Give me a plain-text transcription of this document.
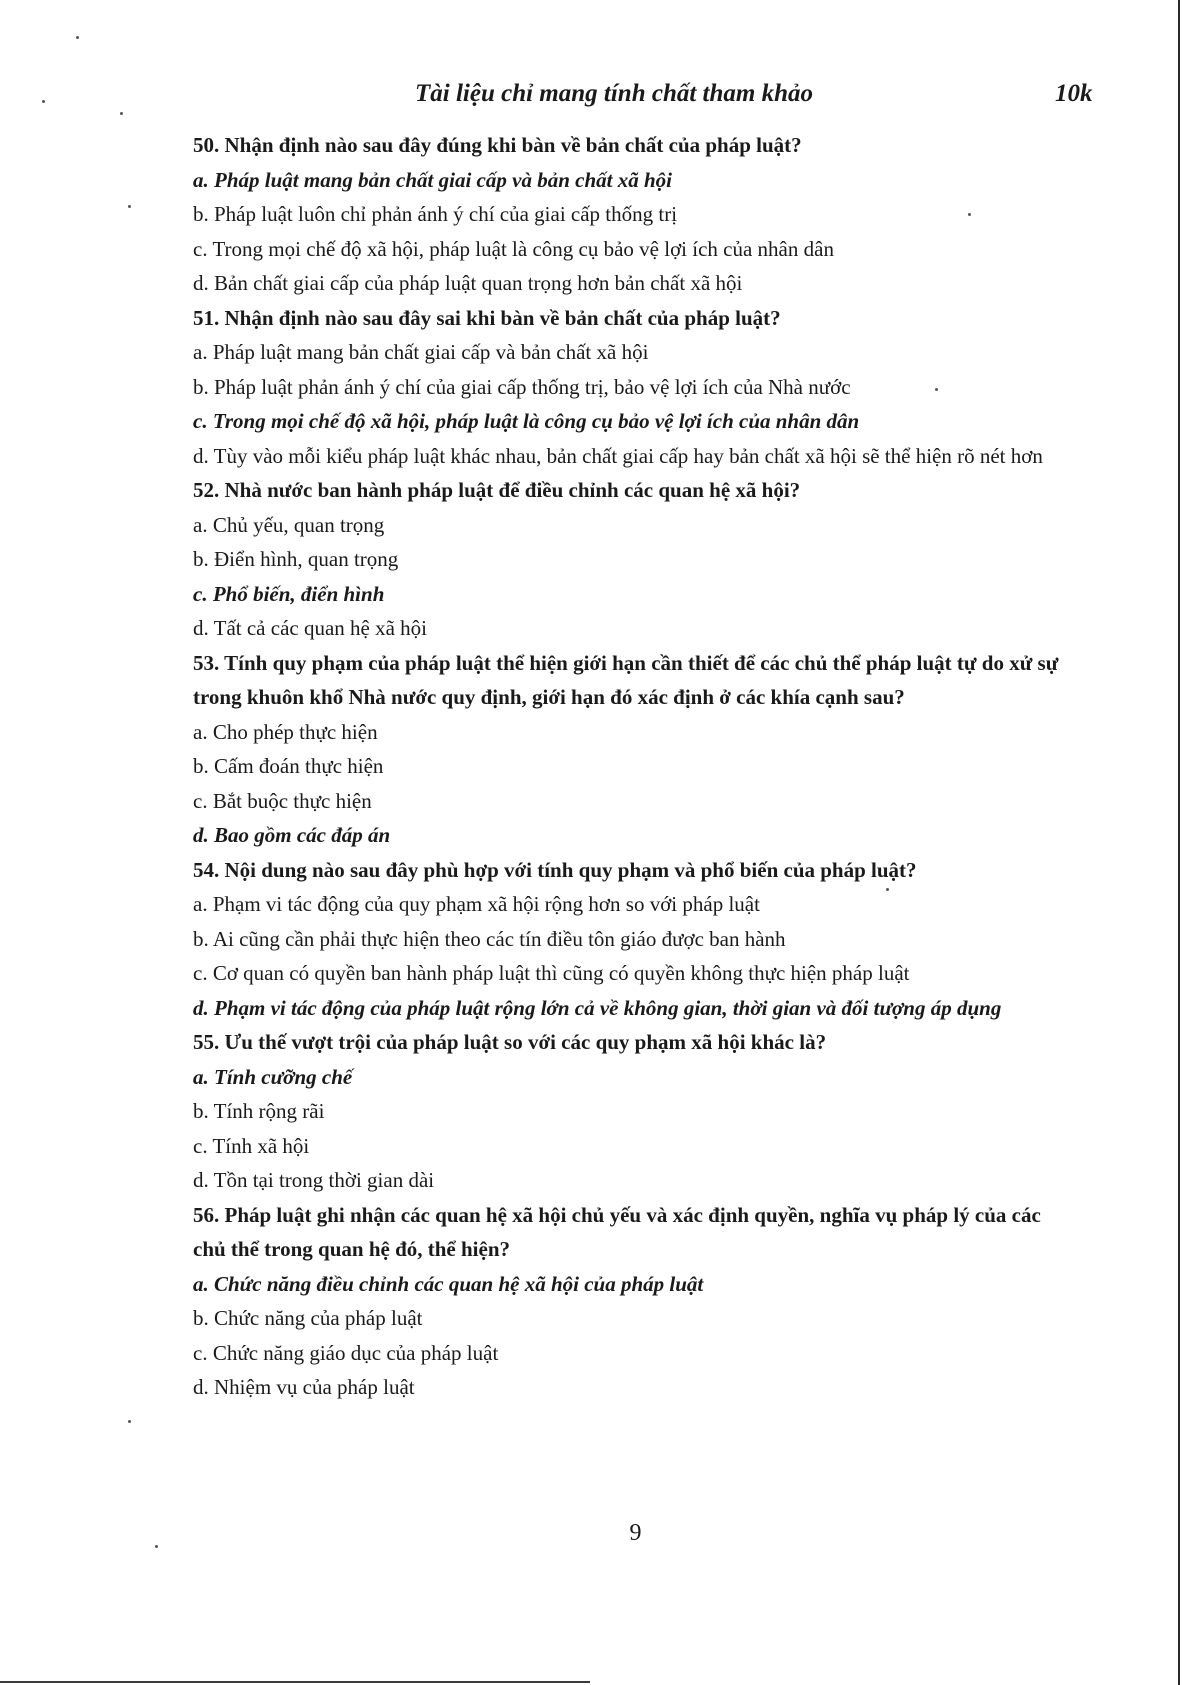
Tài liệu chỉ mang tính chất tham khảo	10k
50. Nhận định nào sau đây đúng khi bàn về bản chất của pháp luật?
a. Pháp luật mang bản chất giai cấp và bản chất xã hội
b. Pháp luật luôn chỉ phản ánh ý chí của giai cấp thống trị
c. Trong mọi chế độ xã hội, pháp luật là công cụ bảo vệ lợi ích của nhân dân
d. Bản chất giai cấp của pháp luật quan trọng hơn bản chất xã hội
51. Nhận định nào sau đây sai khi bàn về bản chất của pháp luật?
a. Pháp luật mang bản chất giai cấp và bản chất xã hội
b. Pháp luật phản ánh ý chí của giai cấp thống trị, bảo vệ lợi ích của Nhà nước
c. Trong mọi chế độ xã hội, pháp luật là công cụ bảo vệ lợi ích của nhân dân
d. Tùy vào mỗi kiểu pháp luật khác nhau, bản chất giai cấp hay bản chất xã hội sẽ thể hiện rõ nét hơn
52. Nhà nước ban hành pháp luật để điều chỉnh các quan hệ xã hội?
a. Chủ yếu, quan trọng
b. Điển hình, quan trọng
c. Phổ biến, điển hình
d. Tất cả các quan hệ xã hội
53. Tính quy phạm của pháp luật thể hiện giới hạn cần thiết để các chủ thể pháp luật tự do xử sự trong khuôn khổ Nhà nước quy định, giới hạn đó xác định ở các khía cạnh sau?
a. Cho phép thực hiện
b. Cấm đoán thực hiện
c. Bắt buộc thực hiện
d. Bao gồm các đáp án
54. Nội dung nào sau đây phù hợp với tính quy phạm và phổ biến của pháp luật?
a. Phạm vi tác động của quy phạm xã hội rộng hơn so với pháp luật
b. Ai cũng cần phải thực hiện theo các tín điều tôn giáo được ban hành
c. Cơ quan có quyền ban hành pháp luật thì cũng có quyền không thực hiện pháp luật
d. Phạm vi tác động của pháp luật rộng lớn cả về không gian, thời gian và đối tượng áp dụng
55. Ưu thế vượt trội của pháp luật so với các quy phạm xã hội khác là?
a. Tính cưỡng chế
b. Tính rộng rãi
c. Tính xã hội
d. Tồn tại trong thời gian dài
56. Pháp luật ghi nhận các quan hệ xã hội chủ yếu và xác định quyền, nghĩa vụ pháp lý của các chủ thể trong quan hệ đó, thể hiện?
a. Chức năng điều chỉnh các quan hệ xã hội của pháp luật
b. Chức năng của pháp luật
c. Chức năng giáo dục của pháp luật
d. Nhiệm vụ của pháp luật
9
